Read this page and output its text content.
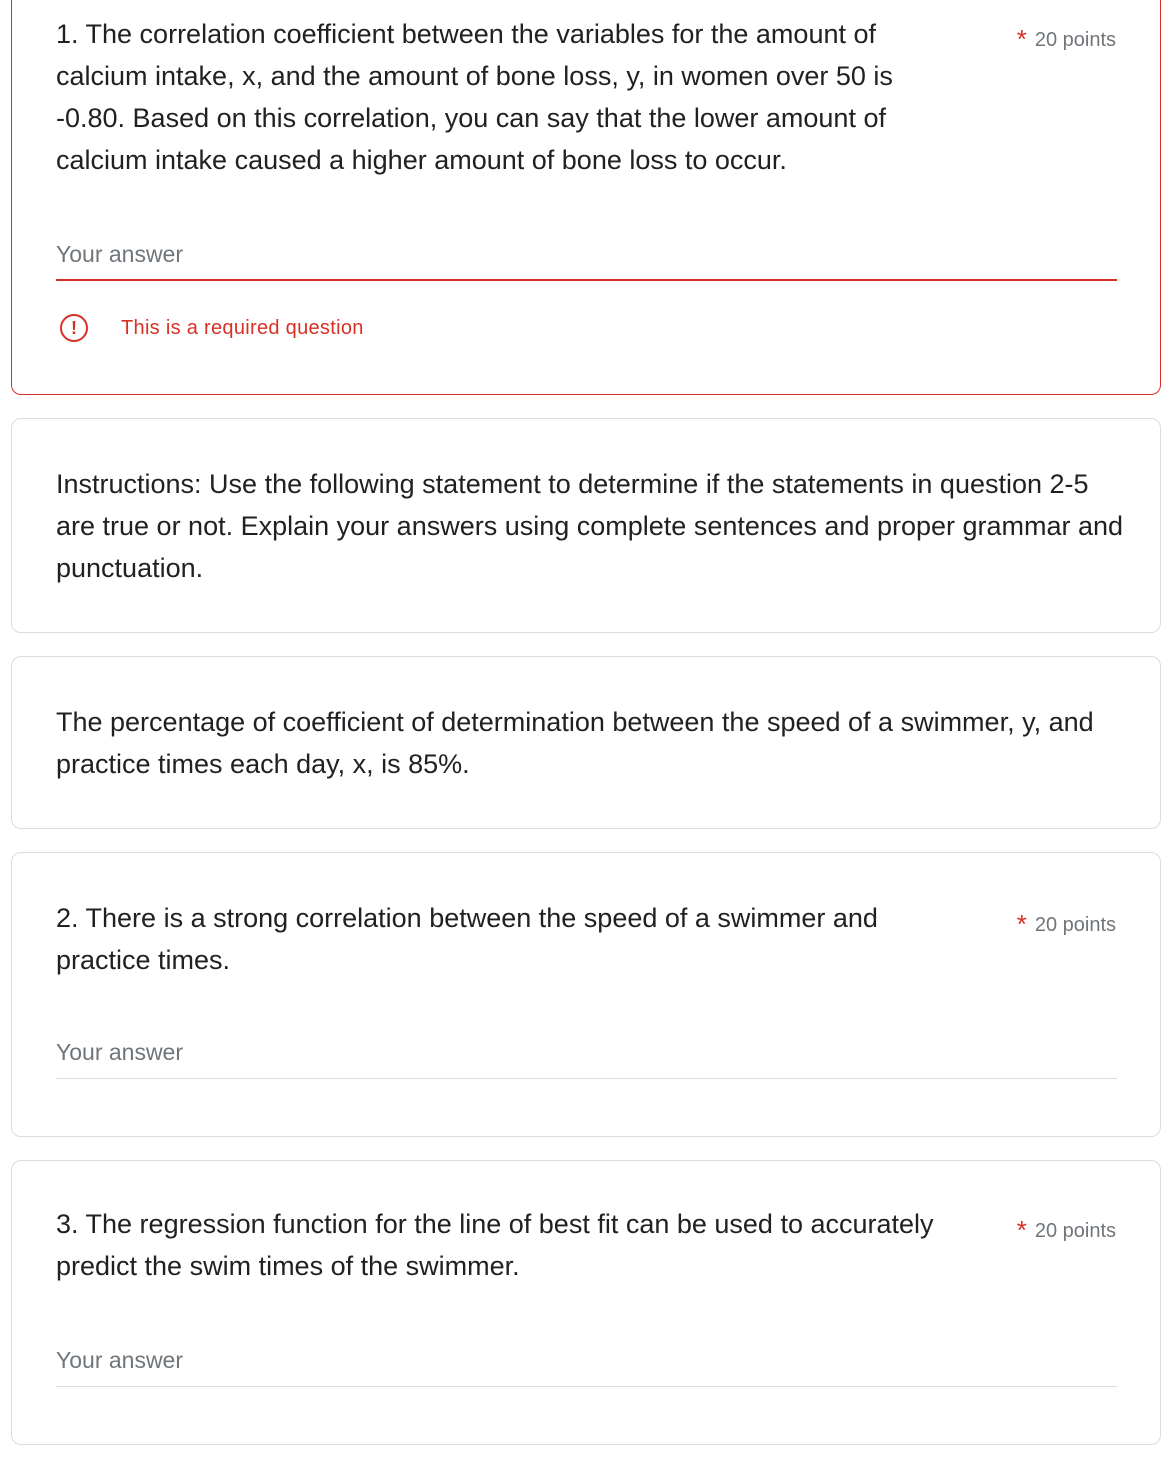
1. The correlation coefficient between the variables for the amount of calcium intake, x, and the amount of bone loss, y, in women over 50 is -0.80. Based on this correlation, you can say that the lower amount of calcium intake caused a higher amount of bone loss to occur.
* 20 points
Your answer
!	This is a required question
Instructions: Use the following statement to determine if the statements in question 2-5 are true or not. Explain your answers using complete sentences and proper grammar and punctuation.
The percentage of coefficient of determination between the speed of a swimmer, y, and practice times each day, x, is 85%.
2. There is a strong correlation between the speed of a swimmer and practice times.
* 20 points
Your answer
3. The regression function for the line of best fit can be used to accurately predict the swim times of the swimmer.
* 20 points
Your answer
